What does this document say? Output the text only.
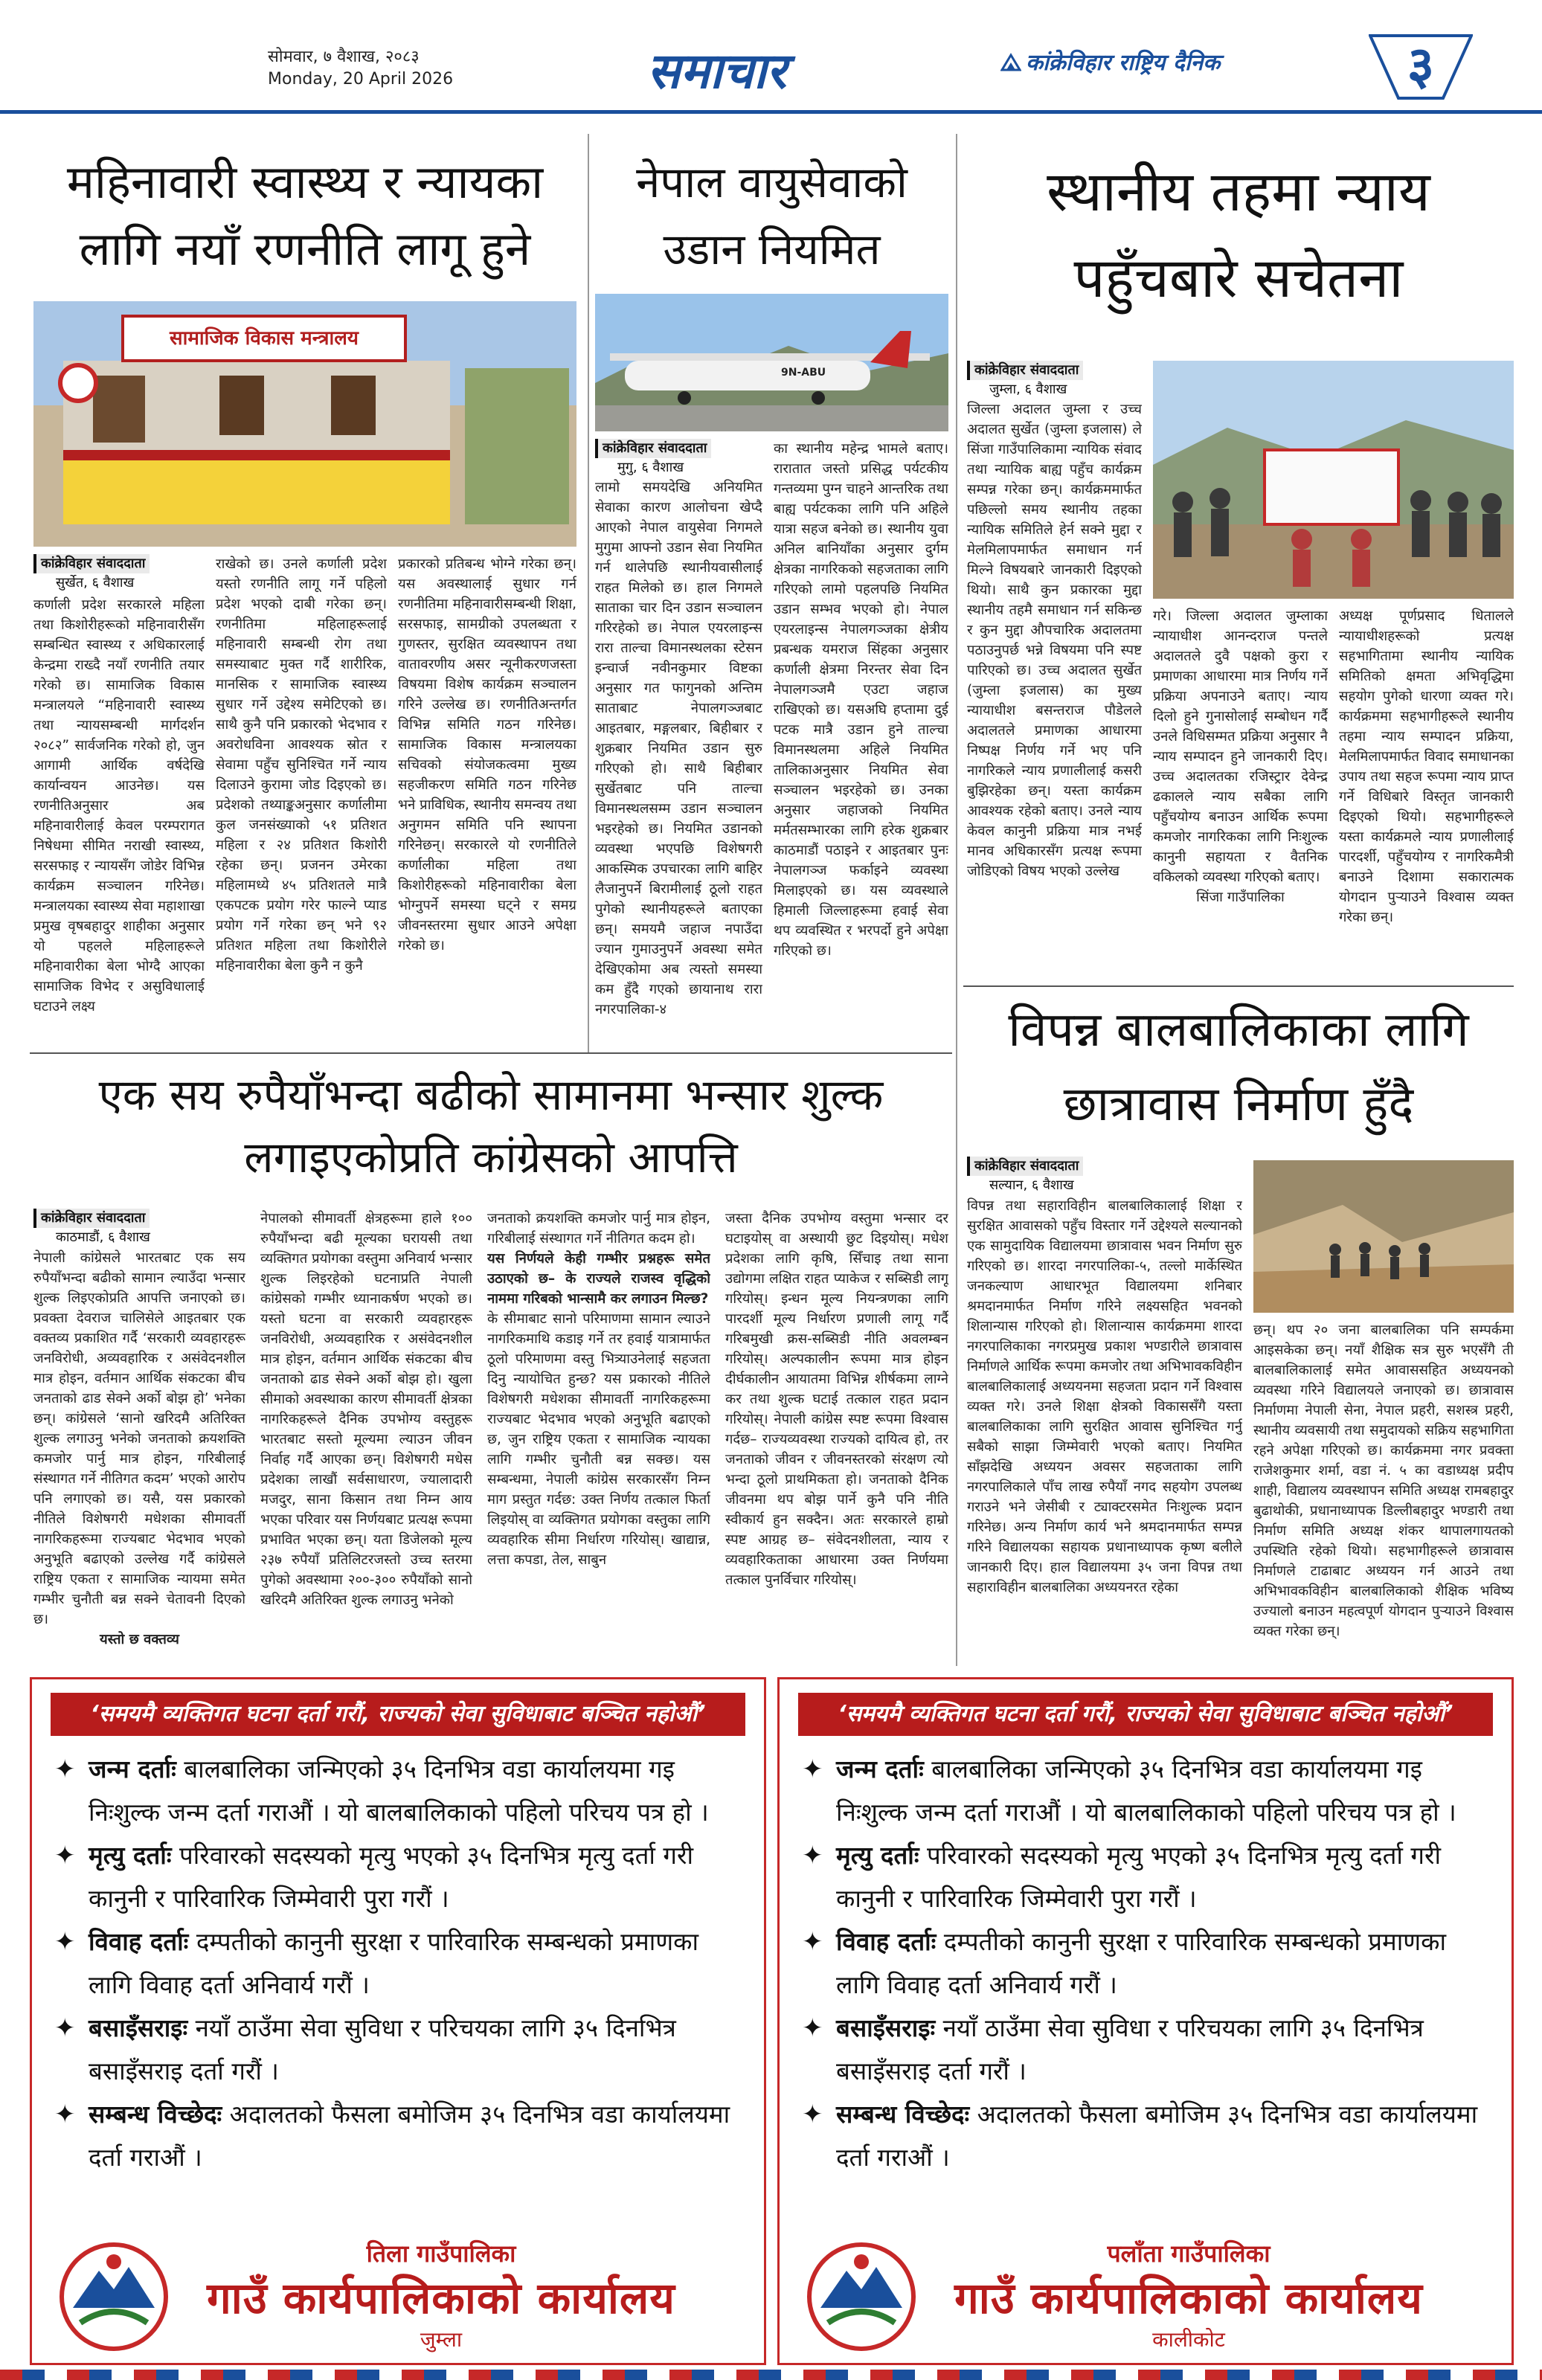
सोमवार, ७ वैशाख, २०८३
Monday, 20 April 2026	समाचार	कांक्रेविहार राष्ट्रिय दैनिक	३
महिनावारी स्वास्थ्य र न्यायका
लागि नयाँ रणनीति लागू हुने
सामाजिक विकास मन्त्रालय
कांक्रेविहार संवाददाता
सुर्खेत, ६ वैशाख
कर्णाली प्रदेश सरकारले महिला तथा किशोरीहरूको महिनावारीसँग सम्बन्धित स्वास्थ्य र अधिकारलाई केन्द्रमा राख्दै नयाँ रणनीति तयार गरेको छ। सामाजिक विकास मन्त्रालयले “महिनावारी स्वास्थ्य तथा न्यायसम्बन्धी मार्गदर्शन २०८२” सार्वजनिक गरेको हो, जुन आगामी आर्थिक वर्षदेखि कार्यान्वयन आउनेछ। यस रणनीतिअनुसार अब महिनावारीलाई केवल परम्परागत निषेधमा सीमित नराखी स्वास्थ्य, सरसफाइ र न्यायसँग जोडेर विभिन्न कार्यक्रम सञ्चालन गरिनेछ। मन्त्रालयका स्वास्थ्य सेवा महाशाखा प्रमुख वृषबहादुर शाहीका अनुसार यो पहलले महिलाहरूले महिनावारीका बेला भोग्दै आएका सामाजिक विभेद र असुविधालाई घटाउने लक्ष्य
राखेको छ। उनले कर्णाली प्रदेश यस्तो रणनीति लागू गर्ने पहिलो प्रदेश भएको दाबी गरेका छन्। रणनीतिमा महिलाहरूलाई महिनावारी सम्बन्धी रोग तथा समस्याबाट मुक्त गर्दै शारीरिक, मानसिक र सामाजिक स्वास्थ्य सुधार गर्ने उद्देश्य समेटिएको छ। साथै कुनै पनि प्रकारको भेदभाव र अवरोधविना आवश्यक स्रोत र सेवामा पहुँच सुनिश्चित गर्ने न्याय दिलाउने कुरामा जोड दिइएको छ। प्रदेशको तथ्याङ्कअनुसार कर्णालीमा कुल जनसंख्याको ५१ प्रतिशत महिला र २४ प्रतिशत किशोरी रहेका छन्। प्रजनन उमेरका महिलामध्ये ४५ प्रतिशतले मात्रै एकपटक प्रयोग गरेर फाल्ने प्याड प्रयोग गर्ने गरेका छन् भने ९२ प्रतिशत महिला तथा किशोरीले महिनावारीका बेला कुनै न कुनै
प्रकारको प्रतिबन्ध भोग्ने गरेका छन्। यस अवस्थालाई सुधार गर्न रणनीतिमा महिनावारीसम्बन्धी शिक्षा, सरसफाइ, सामग्रीको उपलब्धता र गुणस्तर, सुरक्षित व्यवस्थापन तथा वातावरणीय असर न्यूनीकरणजस्ता विषयमा विशेष कार्यक्रम सञ्चालन गरिने उल्लेख छ। रणनीतिअन्तर्गत विभिन्न समिति गठन गरिनेछ। सामाजिक विकास मन्त्रालयका सचिवको संयोजकत्वमा मुख्य सहजीकरण समिति गठन गरिनेछ भने प्राविधिक, स्थानीय समन्वय तथा अनुगमन समिति पनि स्थापना गरिनेछन्। सरकारले यो रणनीतिले कर्णालीका महिला तथा किशोरीहरूको महिनावारीका बेला भोग्नुपर्ने समस्या घट्ने र समग्र जीवनस्तरमा सुधार आउने अपेक्षा गरेको छ।
नेपाल वायुसेवाको
उडान नियमित
9N-ABU
कांक्रेविहार संवाददाता
मुगु, ६ वैशाख
लामो समयदेखि अनियमित सेवाका कारण आलोचना खेप्दै आएको नेपाल वायुसेवा निगमले मुगुमा आफ्नो उडान सेवा नियमित गर्न थालेपछि स्थानीयवासीलाई राहत मिलेको छ। हाल निगमले साताका चार दिन उडान सञ्चालन गरिरहेको छ। नेपाल एयरलाइन्स रारा ताल्चा विमानस्थलका स्टेसन इन्चार्ज नवीनकुमार विष्टका अनुसार गत फागुनको अन्तिम साताबाट नेपालगञ्जबाट आइतबार, मङ्गलबार, बिहीबार र शुक्रबार नियमित उडान सुरु गरिएको हो। साथै बिहीबार सुर्खेतबाट पनि ताल्चा विमानस्थलसम्म उडान सञ्चालन भइरहेको छ। नियमित उडानको व्यवस्था भएपछि विशेषगरी आकस्मिक उपचारका लागि बाहिर लैजानुपर्ने बिरामीलाई ठूलो राहत पुगेको स्थानीयहरूले बताएका छन्। समयमै जहाज नपाउँदा ज्यान गुमाउनुपर्ने अवस्था समेत देखिएकोमा अब त्यस्तो समस्या कम हुँदै गएको छायानाथ रारा नगरपालिका-४
का स्थानीय महेन्द्र भामले बताए। रारातात जस्तो प्रसिद्ध पर्यटकीय गन्तव्यमा पुग्न चाहने आन्तरिक तथा बाह्य पर्यटकका लागि पनि अहिले यात्रा सहज बनेको छ। स्थानीय युवा अनिल बानियाँका अनुसार दुर्गम क्षेत्रका नागरिकको सहजताका लागि गरिएको लामो पहलपछि नियमित उडान सम्भव भएको हो। नेपाल एयरलाइन्स नेपालगञ्जका क्षेत्रीय प्रबन्धक यमराज सिंहका अनुसार कर्णाली क्षेत्रमा निरन्तर सेवा दिन नेपालगञ्जमै एउटा जहाज राखिएको छ। यसअघि हप्तामा दुई पटक मात्रै उडान हुने ताल्चा विमानस्थलमा अहिले नियमित तालिकाअनुसार नियमित सेवा सञ्चालन भइरहेको छ। उनका अनुसार जहाजको नियमित मर्मतसम्भारका लागि हरेक शुक्रबार काठमाडौं पठाइने र आइतबार पुनः नेपालगञ्ज फर्काइने व्यवस्था मिलाइएको छ। यस व्यवस्थाले हिमाली जिल्लाहरूमा हवाई सेवा थप व्यवस्थित र भरपर्दो हुने अपेक्षा गरिएको छ।
स्थानीय तहमा न्याय
पहुँचबारे सचेतना
कांक्रेविहार संवाददाता
जुम्ला, ६ वैशाख
जिल्ला अदालत जुम्ला र उच्च अदालत सुर्खेत (जुम्ला इजलास) ले सिंजा गाउँपालिकामा न्यायिक संवाद तथा न्यायिक बाह्य पहुँच कार्यक्रम सम्पन्न गरेका छन्। कार्यक्रममार्फत पछिल्लो समय स्थानीय तहका न्यायिक समितिले हेर्न सक्ने मुद्दा र मेलमिलापमार्फत समाधान गर्न मिल्ने विषयबारे जानकारी दिइएको थियो। साथै कुन प्रकारका मुद्दा स्थानीय तहमै समाधान गर्न सकिन्छ र कुन मुद्दा औपचारिक अदालतमा पठाउनुपर्छ भन्ने विषयमा पनि स्पष्ट पारिएको छ। उच्च अदालत सुर्खेत (जुम्ला इजलास) का मुख्य न्यायाधीश बसन्तराज पौडेलले अदालतले प्रमाणका आधारमा निष्पक्ष निर्णय गर्ने भए पनि नागरिकले न्याय प्रणालीलाई कसरी बुझिरहेका छन्। यस्ता कार्यक्रम आवश्यक रहेको बताए। उनले न्याय केवल कानुनी प्रक्रिया मात्र नभई मानव अधिकारसँग प्रत्यक्ष रूपमा जोडिएको विषय भएको उल्लेख
गरे। जिल्ला अदालत जुम्लाका न्यायाधीश आनन्दराज पन्तले अदालतले दुवै पक्षको कुरा र प्रमाणका आधारमा मात्र निर्णय गर्ने प्रक्रिया अपनाउने बताए। न्याय दिलो हुने गुनासोलाई सम्बोधन गर्दै उनले विधिसम्मत प्रक्रिया अनुसार नै न्याय सम्पादन हुने जानकारी दिए। उच्च अदालतका रजिस्ट्रार देवेन्द्र ढकालले न्याय सबैका लागि पहुँचयोग्य बनाउन आर्थिक रूपमा कमजोर नागरिकका लागि निःशुल्क कानुनी सहायता र वैतनिक वकिलको व्यवस्था गरिएको बताए।
सिंजा गाउँपालिका
अध्यक्ष पूर्णप्रसाद धितालले न्यायाधीशहरूको प्रत्यक्ष सहभागितामा स्थानीय न्यायिक समितिको क्षमता अभिवृद्धिमा सहयोग पुगेको धारणा व्यक्त गरे। कार्यक्रममा सहभागीहरूले स्थानीय तहमा न्याय सम्पादन प्रक्रिया, मेलमिलापमार्फत विवाद समाधानका उपाय तथा सहज रूपमा न्याय प्राप्त गर्ने विधिबारे विस्तृत जानकारी दिइएको थियो। सहभागीहरूले यस्ता कार्यक्रमले न्याय प्रणालीलाई पारदर्शी, पहुँचयोग्य र नागरिकमैत्री बनाउने दिशामा सकारात्मक योगदान पुऱ्याउने विश्वास व्यक्त गरेका छन्।
एक सय रुपैयाँभन्दा बढीको सामानमा भन्सार शुल्क
लगाइएकोप्रति कांग्रेसको आपत्ति
कांक्रेविहार संवाददाता
काठमाडौं, ६ वैशाख
नेपाली कांग्रेसले भारतबाट एक सय रुपैयाँभन्दा बढीको सामान ल्याउँदा भन्सार शुल्क लिइएकोप्रति आपत्ति जनाएको छ। प्रवक्ता देवराज चालिसेले आइतबार एक वक्तव्य प्रकाशित गर्दै ‘सरकारी व्यवहारहरू जनविरोधी, अव्यवहारिक र असंवेदनशील मात्र होइन, वर्तमान आर्थिक संकटका बीच जनताको ढाड सेक्ने अर्को बोझ हो’ भनेका छन्। कांग्रेसले ‘सानो खरिदमै अतिरिक्त शुल्क लगाउनु भनेको जनताको क्रयशक्ति कमजोर पार्नु मात्र होइन, गरिबीलाई संस्थागत गर्ने नीतिगत कदम’ भएको आरोप पनि लगाएको छ। यसै, यस प्रकारको नीतिले विशेषगरी मधेशका सीमावर्ती नागरिकहरूमा राज्यबाट भेदभाव भएको अनुभूति बढाएको उल्लेख गर्दै कांग्रेसले राष्ट्रिय एकता र सामाजिक न्यायमा समेत गम्भीर चुनौती बन्न सक्ने चेतावनी दिएको छ।
यस्तो छ वक्तव्य
नेपालको सीमावर्ती क्षेत्रहरूमा हाले १०० रुपैयाँभन्दा बढी मूल्यका घरायसी तथा व्यक्तिगत प्रयोगका वस्तुमा अनिवार्य भन्सार शुल्क लिइरहेको घटनाप्रति नेपाली कांग्रेसको गम्भीर ध्यानाकर्षण भएको छ। यस्तो घटना वा सरकारी व्यवहारहरू जनविरोधी, अव्यवहारिक र असंवेदनशील मात्र होइन, वर्तमान आर्थिक संकटका बीच जनताको ढाड सेक्ने अर्को बोझ हो। खुला सीमाको अवस्थाका कारण सीमावर्ती क्षेत्रका नागरिकहरूले दैनिक उपभोग्य वस्तुहरू भारतबाट सस्तो मूल्यमा ल्याउन जीवन निर्वाह गर्दै आएका छन्। विशेषगरी मधेस प्रदेशका लाखौं सर्वसाधारण, ज्यालादारी मजदुर, साना किसान तथा निम्न आय भएका परिवार यस निर्णयबाट प्रत्यक्ष रूपमा प्रभावित भएका छन्। यता डिजेलको मूल्य २३७ रुपैयाँ प्रतिलिटरजस्तो उच्च स्तरमा पुगेको अवस्थामा २००-३०० रुपैयाँको सानो खरिदमै अतिरिक्त शुल्क लगाउनु भनेको
जनताको क्रयशक्ति कमजोर पार्नु मात्र होइन, गरिबीलाई संस्थागत गर्ने नीतिगत कदम हो।
यस निर्णयले केही गम्भीर प्रश्नहरू समेत उठाएको छ– के राज्यले राजस्व वृद्धिको नाममा गरिबको भान्सामै कर लगाउन मिल्छ?
के सीमाबाट सानो परिमाणमा सामान ल्याउने नागरिकमाथि कडाइ गर्ने तर हवाई यात्रामार्फत ठूलो परिमाणमा वस्तु भित्र्याउनेलाई सहजता दिनु न्यायोचित हुन्छ? यस प्रकारको नीतिले विशेषगरी मधेशका सीमावर्ती नागरिकहरूमा राज्यबाट भेदभाव भएको अनुभूति बढाएको छ, जुन राष्ट्रिय एकता र सामाजिक न्यायका लागि गम्भीर चुनौती बन्न सक्छ। यस सम्बन्धमा, नेपाली कांग्रेस सरकारसँग निम्न माग प्रस्तुत गर्दछ: उक्त निर्णय तत्काल फिर्ता लिइयोस् वा व्यक्तिगत प्रयोगका वस्तुका लागि व्यवहारिक सीमा निर्धारण गरियोस्। खाद्यान्न, लत्ता कपडा, तेल, साबुन
जस्ता दैनिक उपभोग्य वस्तुमा भन्सार दर घटाइयोस् वा अस्थायी छुट दिइयोस्। मधेश प्रदेशका लागि कृषि, सिँचाइ तथा साना उद्योगमा लक्षित राहत प्याकेज र सब्सिडी लागू गरियोस्। इन्धन मूल्य नियन्त्रणका लागि पारदर्शी मूल्य निर्धारण प्रणाली लागू गर्दै गरिबमुखी क्रस-सब्सिडी नीति अवलम्बन गरियोस्। अल्पकालीन रूपमा मात्र होइन दीर्घकालीन आयातमा विभिन्न शीर्षकमा लाग्ने कर तथा शुल्क घटाई तत्काल राहत प्रदान गरियोस्। नेपाली कांग्रेस स्पष्ट रूपमा विश्वास गर्दछ– राज्यव्यवस्था राज्यको दायित्व हो, तर जनताको जीवन र जीवनस्तरको संरक्षण त्यो भन्दा ठूलो प्राथमिकता हो। जनताको दैनिक जीवनमा थप बोझ पार्ने कुनै पनि नीति स्वीकार्य हुन सक्दैन। अतः सरकारले हाम्रो स्पष्ट आग्रह छ– संवेदनशीलता, न्याय र व्यवहारिकताका आधारमा उक्त निर्णयमा तत्काल पुनर्विचार गरियोस्।
विपन्न बालबालिकाका लागि
छात्रावास निर्माण हुँदै
कांक्रेविहार संवाददाता
सल्यान, ६ वैशाख
विपन्न तथा सहाराविहीन बालबालिकालाई शिक्षा र सुरक्षित आवासको पहुँच विस्तार गर्ने उद्देश्यले सल्यानको एक सामुदायिक विद्यालयमा छात्रावास भवन निर्माण सुरु गरिएको छ। शारदा नगरपालिका-५, तल्लो मार्केस्थित जनकल्याण आधारभूत विद्यालयमा शनिबार श्रमदानमार्फत निर्माण गरिने लक्ष्यसहित भवनको शिलान्यास गरिएको हो। शिलान्यास कार्यक्रममा शारदा नगरपालिकाका नगरप्रमुख प्रकाश भण्डारीले छात्रावास निर्माणले आर्थिक रूपमा कमजोर तथा अभिभावकविहीन बालबालिकालाई अध्ययनमा सहजता प्रदान गर्ने विश्वास व्यक्त गरे। उनले शिक्षा क्षेत्रको विकाससँगै यस्ता बालबालिकाका लागि सुरक्षित आवास सुनिश्चित गर्नु सबैको साझा जिम्मेवारी भएको बताए। नियमित साँझदेखि अध्ययन अवसर सहजताका लागि नगरपालिकाले पाँच लाख रुपैयाँ नगद सहयोग उपलब्ध गराउने भने जेसीबी र ट्याक्टरसमेत निःशुल्क प्रदान गरिनेछ। अन्य निर्माण कार्य भने श्रमदानमार्फत सम्पन्न गरिने विद्यालयका सहायक प्रधानाध्यापक कृष्ण बलीले जानकारी दिए। हाल विद्यालयमा ३५ जना विपन्न तथा सहाराविहीन बालबालिका अध्ययनरत रहेका
छन्। थप २० जना बालबालिका पनि सम्पर्कमा आइसकेका छन्। नयाँ शैक्षिक सत्र सुरु भएसँगै ती बालबालिकालाई समेत आवाससहित अध्ययनको व्यवस्था गरिने विद्यालयले जनाएको छ। छात्रावास निर्माणमा नेपाली सेना, नेपाल प्रहरी, सशस्त्र प्रहरी, स्थानीय व्यवसायी तथा समुदायको सक्रिय सहभागिता रहने अपेक्षा गरिएको छ। कार्यक्रममा नगर प्रवक्ता राजेशकुमार शर्मा, वडा नं. ५ का वडाध्यक्ष प्रदीप शाही, विद्यालय व्यवस्थापन समिति अध्यक्ष रामबहादुर बुढाथोकी, प्रधानाध्यापक डिल्लीबहादुर भण्डारी तथा निर्माण समिति अध्यक्ष शंकर थापालगायतको उपस्थिति रहेको थियो। सहभागीहरूले छात्रावास निर्माणले टाढाबाट अध्ययन गर्न आउने तथा अभिभावकविहीन बालबालिकाको शैक्षिक भविष्य उज्यालो बनाउन महत्वपूर्ण योगदान पुऱ्याउने विश्वास व्यक्त गरेका छन्।
‘समयमै व्यक्तिगत घटना दर्ता गरौं, राज्यको सेवा सुविधाबाट बञ्चित नहोऔं’
✦ जन्म दर्ताः बालबालिका जन्मिएको ३५ दिनभित्र वडा कार्यालयमा गइ निःशुल्क जन्म दर्ता गराऔं । यो बालबालिकाको पहिलो परिचय पत्र हो ।
✦ मृत्यु दर्ताः परिवारको सदस्यको मृत्यु भएको ३५ दिनभित्र मृत्यु दर्ता गरी कानुनी र पारिवारिक जिम्मेवारी पुरा गरौं ।
✦ विवाह दर्ताः दम्पतीको कानुनी सुरक्षा र पारिवारिक सम्बन्धको प्रमाणका लागि विवाह दर्ता अनिवार्य गरौं ।
✦ बसाइँसराइः नयाँ ठाउँमा सेवा सुविधा र परिचयका लागि ३५ दिनभित्र बसाइँसराइ दर्ता गरौं ।
✦ सम्बन्ध विच्छेदः अदालतको फैसला बमोजिम ३५ दिनभित्र वडा कार्यालयमा दर्ता गराऔं ।
तिला गाउँपालिका
गाउँ कार्यपालिकाको कार्यालय
जुम्ला
‘समयमै व्यक्तिगत घटना दर्ता गरौं, राज्यको सेवा सुविधाबाट बञ्चित नहोऔं’
✦ जन्म दर्ताः बालबालिका जन्मिएको ३५ दिनभित्र वडा कार्यालयमा गइ निःशुल्क जन्म दर्ता गराऔं । यो बालबालिकाको पहिलो परिचय पत्र हो ।
✦ मृत्यु दर्ताः परिवारको सदस्यको मृत्यु भएको ३५ दिनभित्र मृत्यु दर्ता गरी कानुनी र पारिवारिक जिम्मेवारी पुरा गरौं ।
✦ विवाह दर्ताः दम्पतीको कानुनी सुरक्षा र पारिवारिक सम्बन्धको प्रमाणका लागि विवाह दर्ता अनिवार्य गरौं ।
✦ बसाइँसराइः नयाँ ठाउँमा सेवा सुविधा र परिचयका लागि ३५ दिनभित्र बसाइँसराइ दर्ता गरौं ।
✦ सम्बन्ध विच्छेदः अदालतको फैसला बमोजिम ३५ दिनभित्र वडा कार्यालयमा दर्ता गराऔं ।
पलाँता गाउँपालिका
गाउँ कार्यपालिकाको कार्यालय
कालीकोट
